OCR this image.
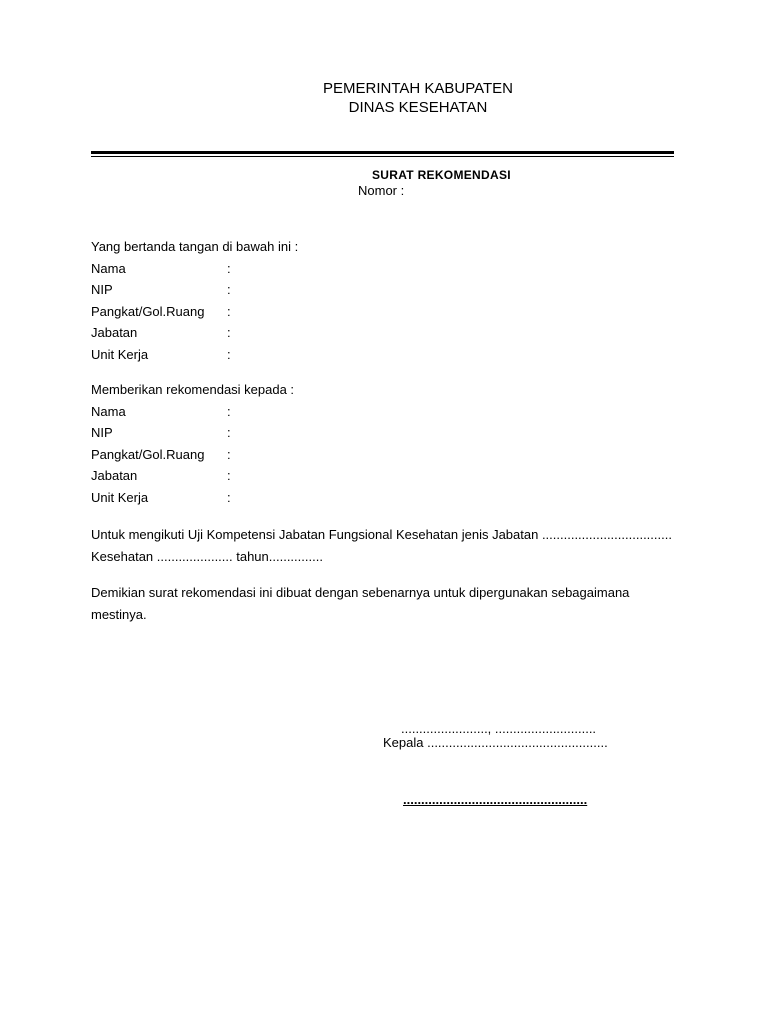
PEMERINTAH KABUPATEN
DINAS KESEHATAN
SURAT REKOMENDASI
Nomor :
Yang bertanda tangan di bawah ini :
Nama	:
NIP	:
Pangkat/Gol.Ruang	:
Jabatan	:
Unit Kerja	:
Memberikan rekomendasi kepada :
Nama	:
NIP	:
Pangkat/Gol.Ruang	:
Jabatan	:
Unit Kerja	:
Untuk mengikuti Uji Kompetensi Jabatan Fungsional Kesehatan jenis Jabatan ....................................
Kesehatan ..................... tahun...............
Demikian surat rekomendasi ini dibuat dengan sebenarnya untuk dipergunakan sebagaimana
mestinya.
........................, ............................
Kepala ..................................................
...................................................
